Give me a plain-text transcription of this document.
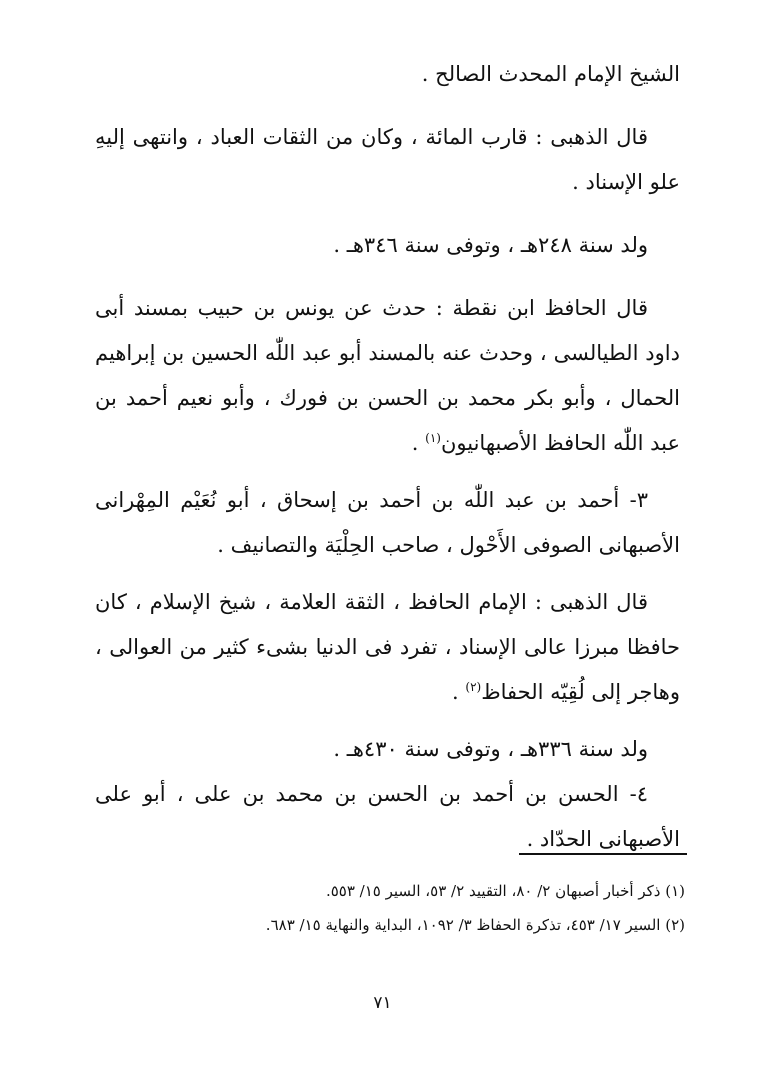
الشيخ الإمام المحدث الصالح .

قال الذهبى : قارب المائة ، وكان من الثقات العباد ، وانتهى إليهِ علو الإسناد .

ولد سنة ٢٤٨هـ ، وتوفى سنة ٣٤٦هـ .

قال الحافظ ابن نقطة : حدث عن يونس بن حبيب بمسند أبى داود الطيالسى ، وحدث عنه بالمسند أبو عبد اللّٰه الحسين بن إبراهيم الحمال ، وأبو بكر محمد بن الحسن بن فورك ، وأبو نعيم أحمد بن عبد اللّٰه الحافظ الأصبهانيون$^{(١)}$ .

٣- أحمد بن عبد اللّٰه بن أحمد بن إسحاق ، أبو نُعَيْم المِهْرانى الأصبهانى الصوفى الأَحْول ، صاحب الحِلْيَة والتصانيف .

قال الذهبى : الإمام الحافظ ، الثقة العلامة ، شيخ الإسلام ، كان حافظا مبرزا عالى الإسناد ، تفرد فى الدنيا بشىء كثير من العوالى ، وهاجر إلى لُقِيّه الحفاظ$^{(٢)}$ .

ولد سنة ٣٣٦هـ ، وتوفى سنة ٤٣٠هـ .

٤- الحسن بن أحمد بن الحسن بن محمد بن على ، أبو على الأصبهانى الحدّاد .

(١) ذكر أخبار أصبهان ٢/ ٨٠، التقييد ٢/ ٥٣، السير ١٥/ ٥٥٣.

(٢) السير ١٧/ ٤٥٣، تذكرة الحفاظ ٣/ ١٠٩٢، البداية والنهاية ١٥/ ٦٨٣.

٧١
